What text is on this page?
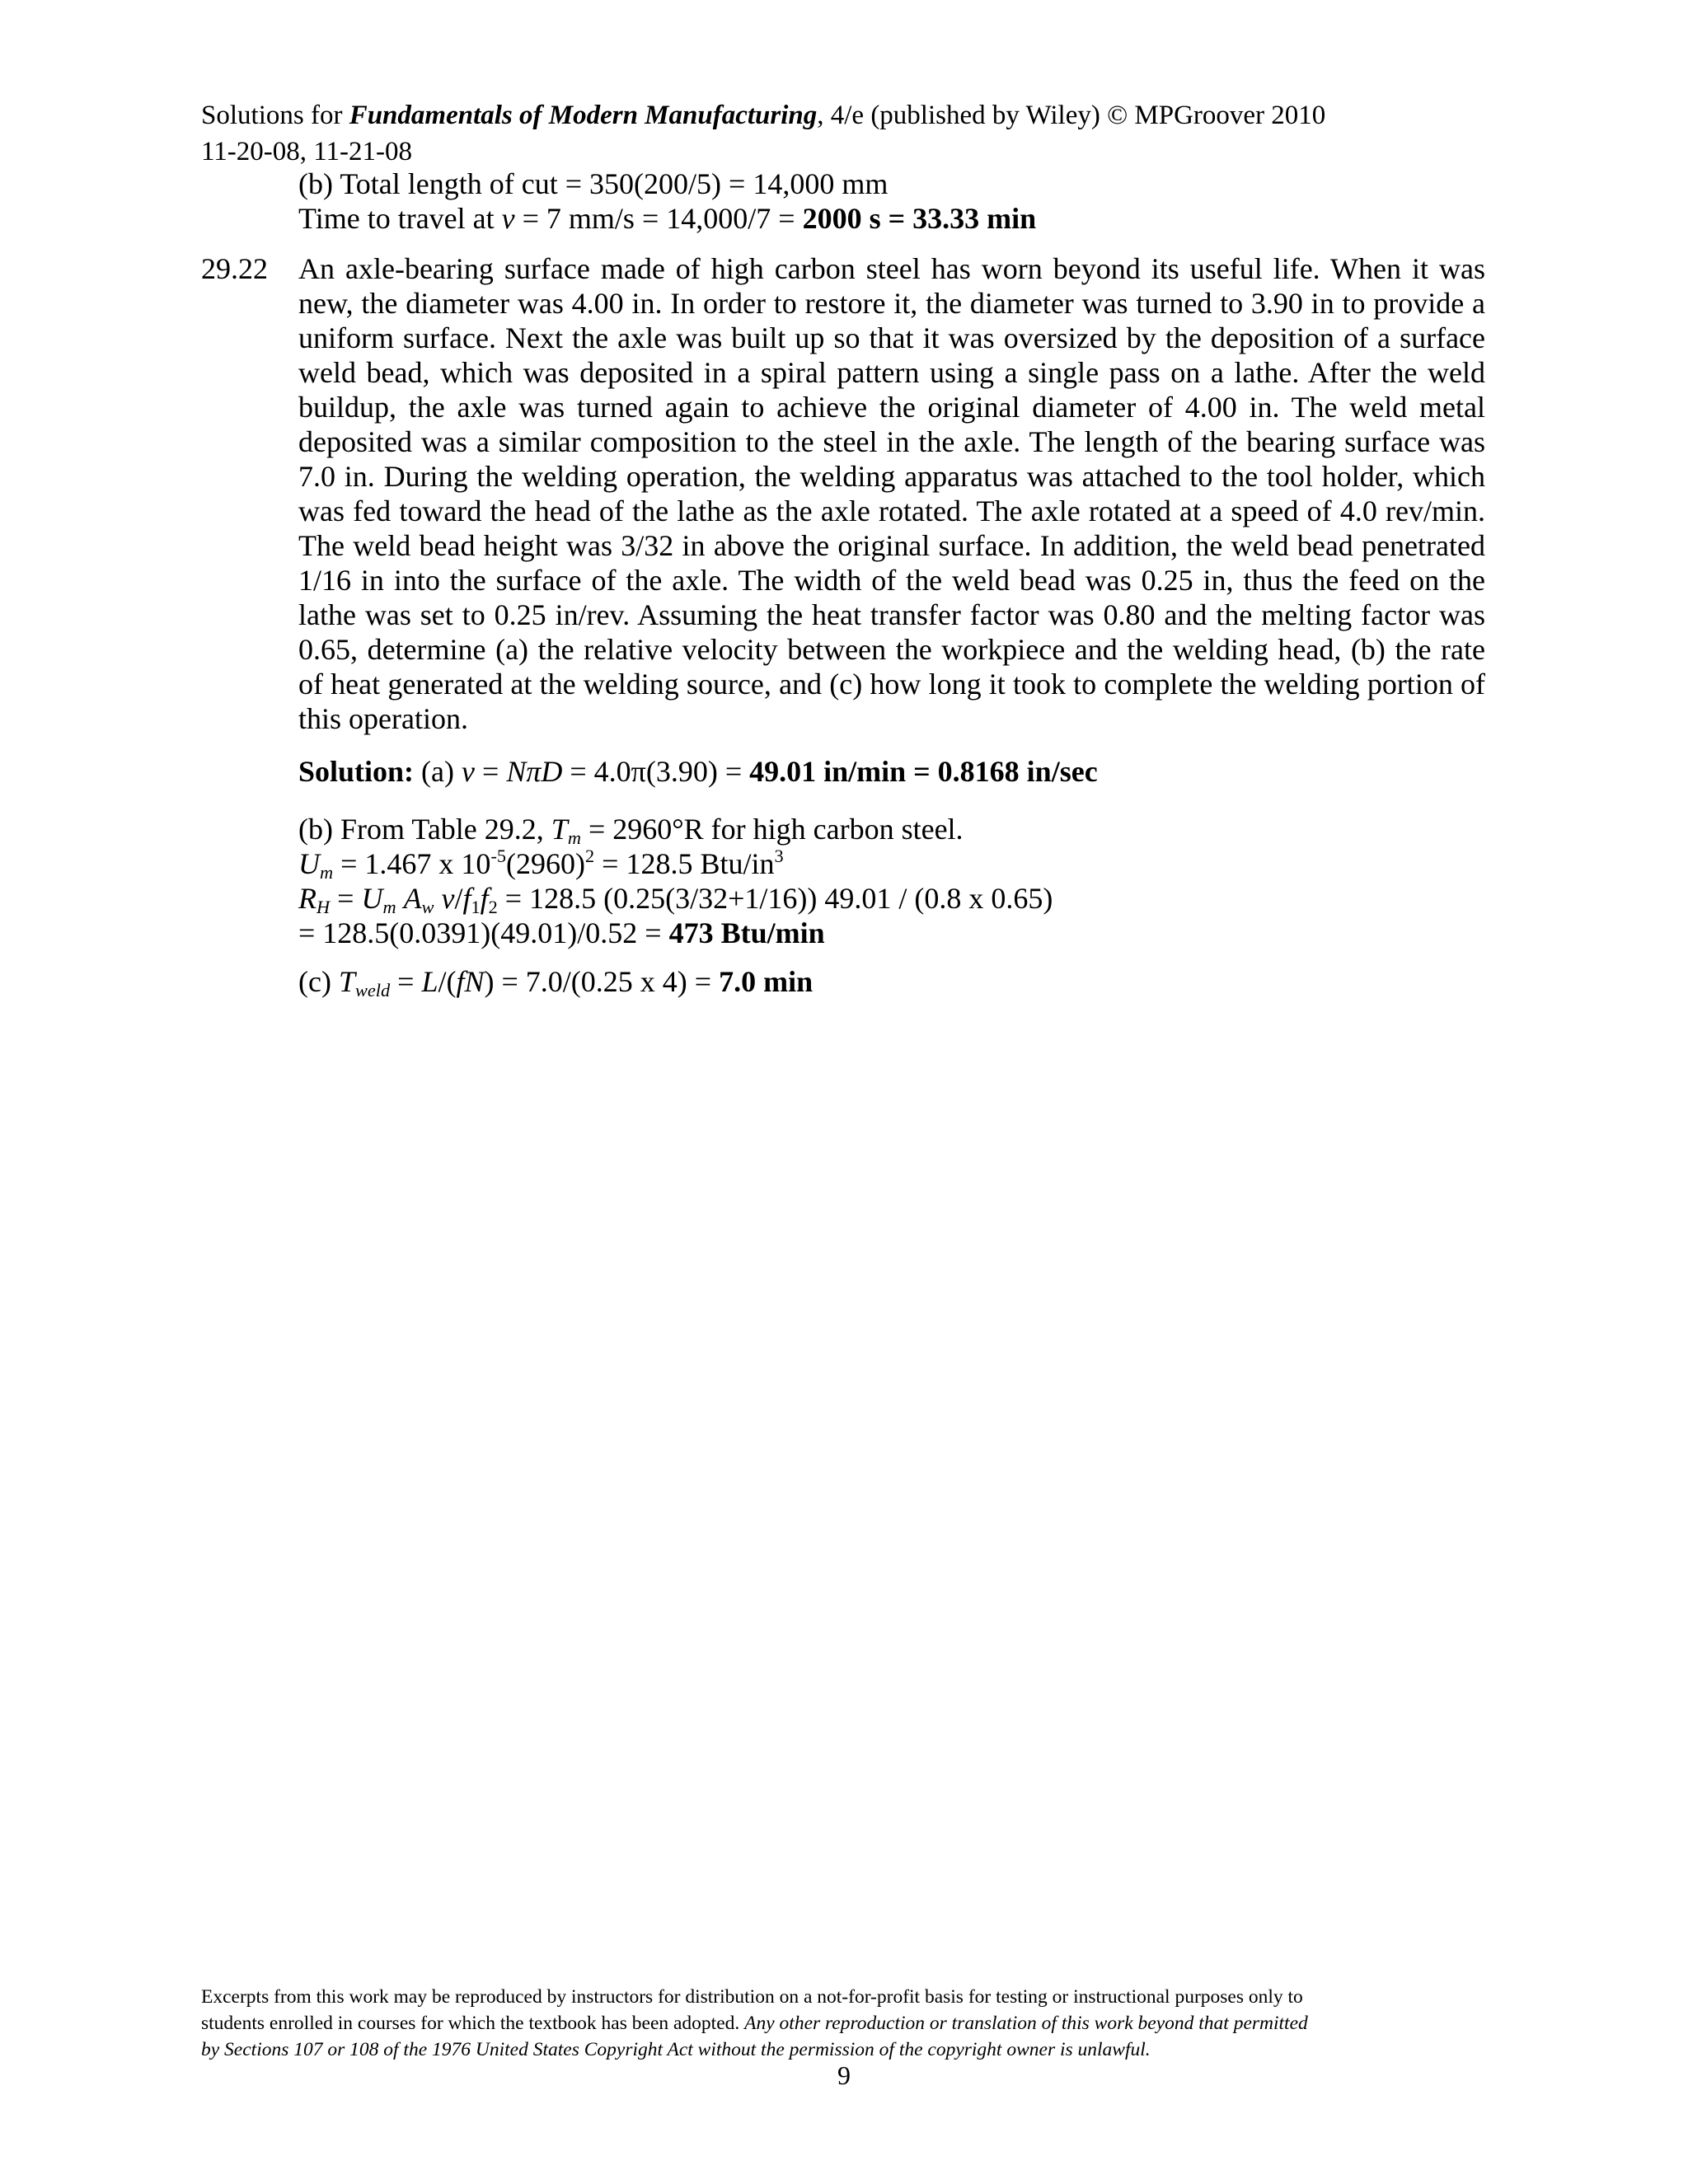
Solutions for Fundamentals of Modern Manufacturing, 4/e (published by Wiley) © MPGroover 2010
11-20-08, 11-21-08
(b) Total length of cut = 350(200/5) = 14,000 mm
Time to travel at v = 7 mm/s = 14,000/7 = 2000 s = 33.33 min
29.22	An axle-bearing surface made of high carbon steel has worn beyond its useful life. When it was new, the diameter was 4.00 in. In order to restore it, the diameter was turned to 3.90 in to provide a uniform surface. Next the axle was built up so that it was oversized by the deposition of a surface weld bead, which was deposited in a spiral pattern using a single pass on a lathe. After the weld buildup, the axle was turned again to achieve the original diameter of 4.00 in. The weld metal deposited was a similar composition to the steel in the axle. The length of the bearing surface was 7.0 in. During the welding operation, the welding apparatus was attached to the tool holder, which was fed toward the head of the lathe as the axle rotated. The axle rotated at a speed of 4.0 rev/min. The weld bead height was 3/32 in above the original surface. In addition, the weld bead penetrated 1/16 in into the surface of the axle. The width of the weld bead was 0.25 in, thus the feed on the lathe was set to 0.25 in/rev. Assuming the heat transfer factor was 0.80 and the melting factor was 0.65, determine (a) the relative velocity between the workpiece and the welding head, (b) the rate of heat generated at the welding source, and (c) how long it took to complete the welding portion of this operation.
Solution: (a) v = NπD = 4.0π(3.90) = 49.01 in/min = 0.8168 in/sec
(b) From Table 29.2, $T_m = 2960^\circ R$ for high carbon steel.
$U_m = 1.467$ x $10^{-5}(2960)^2 = 128.5$ Btu/$in^3$
$R_H = U_m$ $A_w$ $v/f_1f_2 = 128.5$ (0.25(3/32+1/16)) 49.01 / (0.8 x 0.65)
= 128.5(0.0391)(49.01)/0.52 = 473 Btu/min
(c) $T_{weld} = L/(fN) = 7.0/(0.25$ x 4) = 7.0 min
Excerpts from this work may be reproduced by instructors for distribution on a not-for-profit basis for testing or instructional purposes only to
students enrolled in courses for which the textbook has been adopted. Any other reproduction or translation of this work beyond that permitted
by Sections 107 or 108 of the 1976 United States Copyright Act without the permission of the copyright owner is unlawful.
9
